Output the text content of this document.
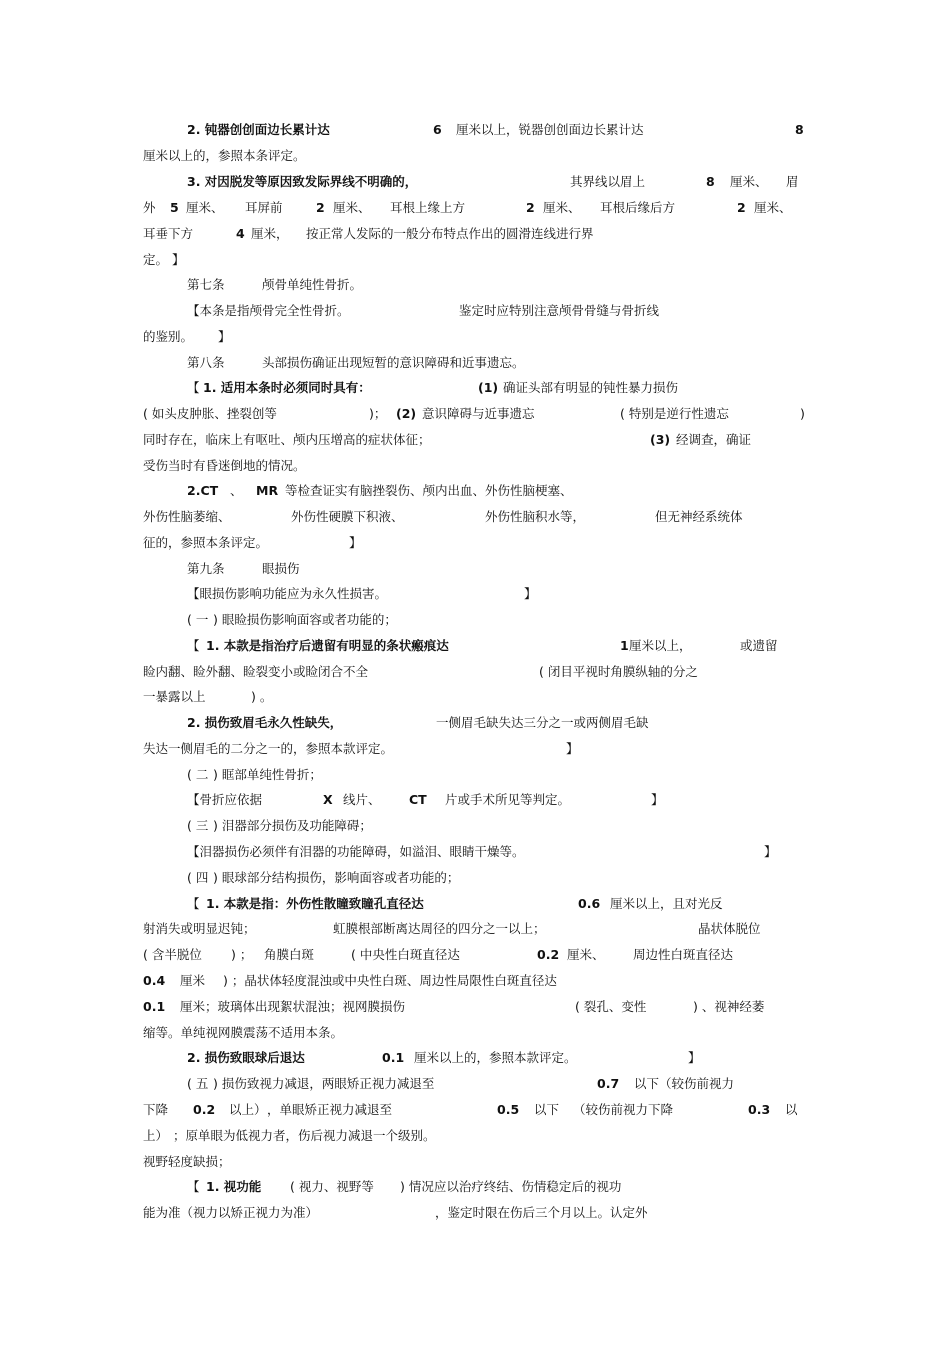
2. 钝器创创面边长累计达	6 厘米以上，锐器创创面边长累计达	8
厘米以上的，参照本条评定。
3. 对因脱发等原因致发际界线不明确的，	其界线以眉上	8 厘米、 眉
外 5 厘米、 耳屏前	2 厘米、 耳根上缘上方	2 厘米、 耳根后缘后方	2 厘米、
耳垂下方	4 厘米， 按正常人发际的一般分布特点作出的圆滑连线进行界
定。 】
第七条	颅骨单纯性骨折。
【本条是指颅骨完全性骨折。	鉴定时应特别注意颅骨骨缝与骨折线
的鉴别。 】
第八条	头部损伤确证出现短暂的意识障碍和近事遗忘。
【 1. 适用本条时必须同时具有：	(1) 确证头部有明显的钝性暴力损伤
( 如头皮肿胀、挫裂创等	)； (2) 意识障碍与近事遗忘	( 特别是逆行性遗忘	)
同时存在，临床上有呕吐、颅内压增高的症状体征；	(3) 经调查，确证
受伤当时有昏迷倒地的情况。
2.CT 、 MR 等检查证实有脑挫裂伤、颅内出血、外伤性脑梗塞、
外伤性脑萎缩、	外伤性硬膜下积液、	外伤性脑积水等，	但无神经系统体
征的，参照本条评定。	】
第九条	眼损伤
【眼损伤影响功能应为永久性损害。	】
( 一 ) 眼睑损伤影响面容或者功能的；
【 1. 本款是指治疗后遗留有明显的条状瘢痕达	1 厘米以上，	或遗留
睑内翻、睑外翻、睑裂变小或睑闭合不全	( 闭目平视时角膜纵轴的分之
一暴露以上	) 。
2. 损伤致眉毛永久性缺失，	一侧眉毛缺失达三分之一或两侧眉毛缺
失达一侧眉毛的二分之一的，参照本款评定。	】
( 二 ) 眶部单纯性骨折；
【骨折应依据	X 线片、 CT 片或手术所见等判定。	】
( 三 ) 泪器部分损伤及功能障碍；
【泪器损伤必须伴有泪器的功能障碍，如溢泪、眼睛干燥等。	】
( 四 ) 眼球部分结构损伤，影响面容或者功能的；
【 1. 本款是指：外伤性散瞳致瞳孔直径达	0.6 厘米以上，且对光反
射消失或明显迟钝；	虹膜根部断离达周径的四分之一以上；	晶状体脱位
( 含半脱位 ) ； 角膜白斑	( 中央性白斑直径达	0.2 厘米、 周边性白斑直径达
0.4 厘米 ) ；晶状体轻度混浊或中央性白斑、周边性局限性白斑直径达
0.1 厘米；玻璃体出现絮状混浊；视网膜损伤	( 裂孔、变性	) 、视神经萎
缩等。单纯视网膜震荡不适用本条。
2. 损伤致眼球后退达	0.1 厘米以上的，参照本款评定。	】
( 五 ) 损伤致视力减退，两眼矫正视力减退至	0.7 以下（较伤前视力
下降 0.2 以上） ，单眼矫正视力减退至	0.5 以下 （较伤前视力下降	0.3 以
上） ；原单眼为低视力者，伤后视力减退一个级别。
视野轻度缺损；
【 1. 视功能 ( 视力、视野等 ) 情况应以治疗终结、伤情稳定后的视功
能为准（视力以矫正视力为准）	，鉴定时限在伤后三个月以上。认定外
